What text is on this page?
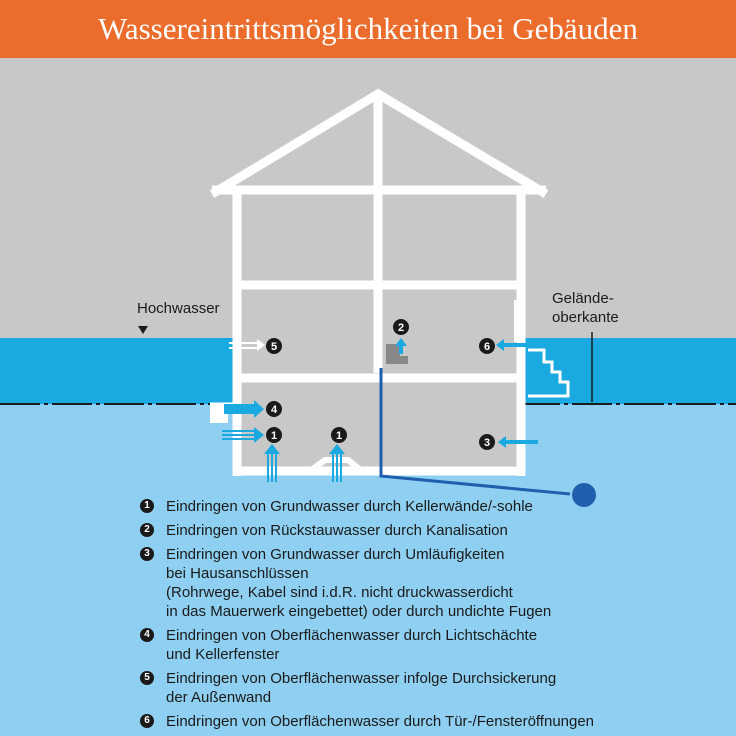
Wassereintrittsmöglichkeiten bei Gebäuden
5
2
6
4
1	1
3
Hochwasser
Gelände-
oberkante
1 Eindringen von Grundwasser durch Kellerwände/-sohle
2 Eindringen von Rückstauwasser durch Kanalisation
3 Eindringen von Grundwasser durch Umläufigkeiten
bei Hausanschlüssen
(Rohrwege, Kabel sind i.d.R. nicht druckwasserdicht
in das Mauerwerk eingebettet) oder durch undichte Fugen
4 Eindringen von Oberflächenwasser durch Lichtschächte
und Kellerfenster
5 Eindringen von Oberflächenwasser infolge Durchsickerung
der Außenwand
6 Eindringen von Oberflächenwasser durch Tür-/Fensteröffnungen
